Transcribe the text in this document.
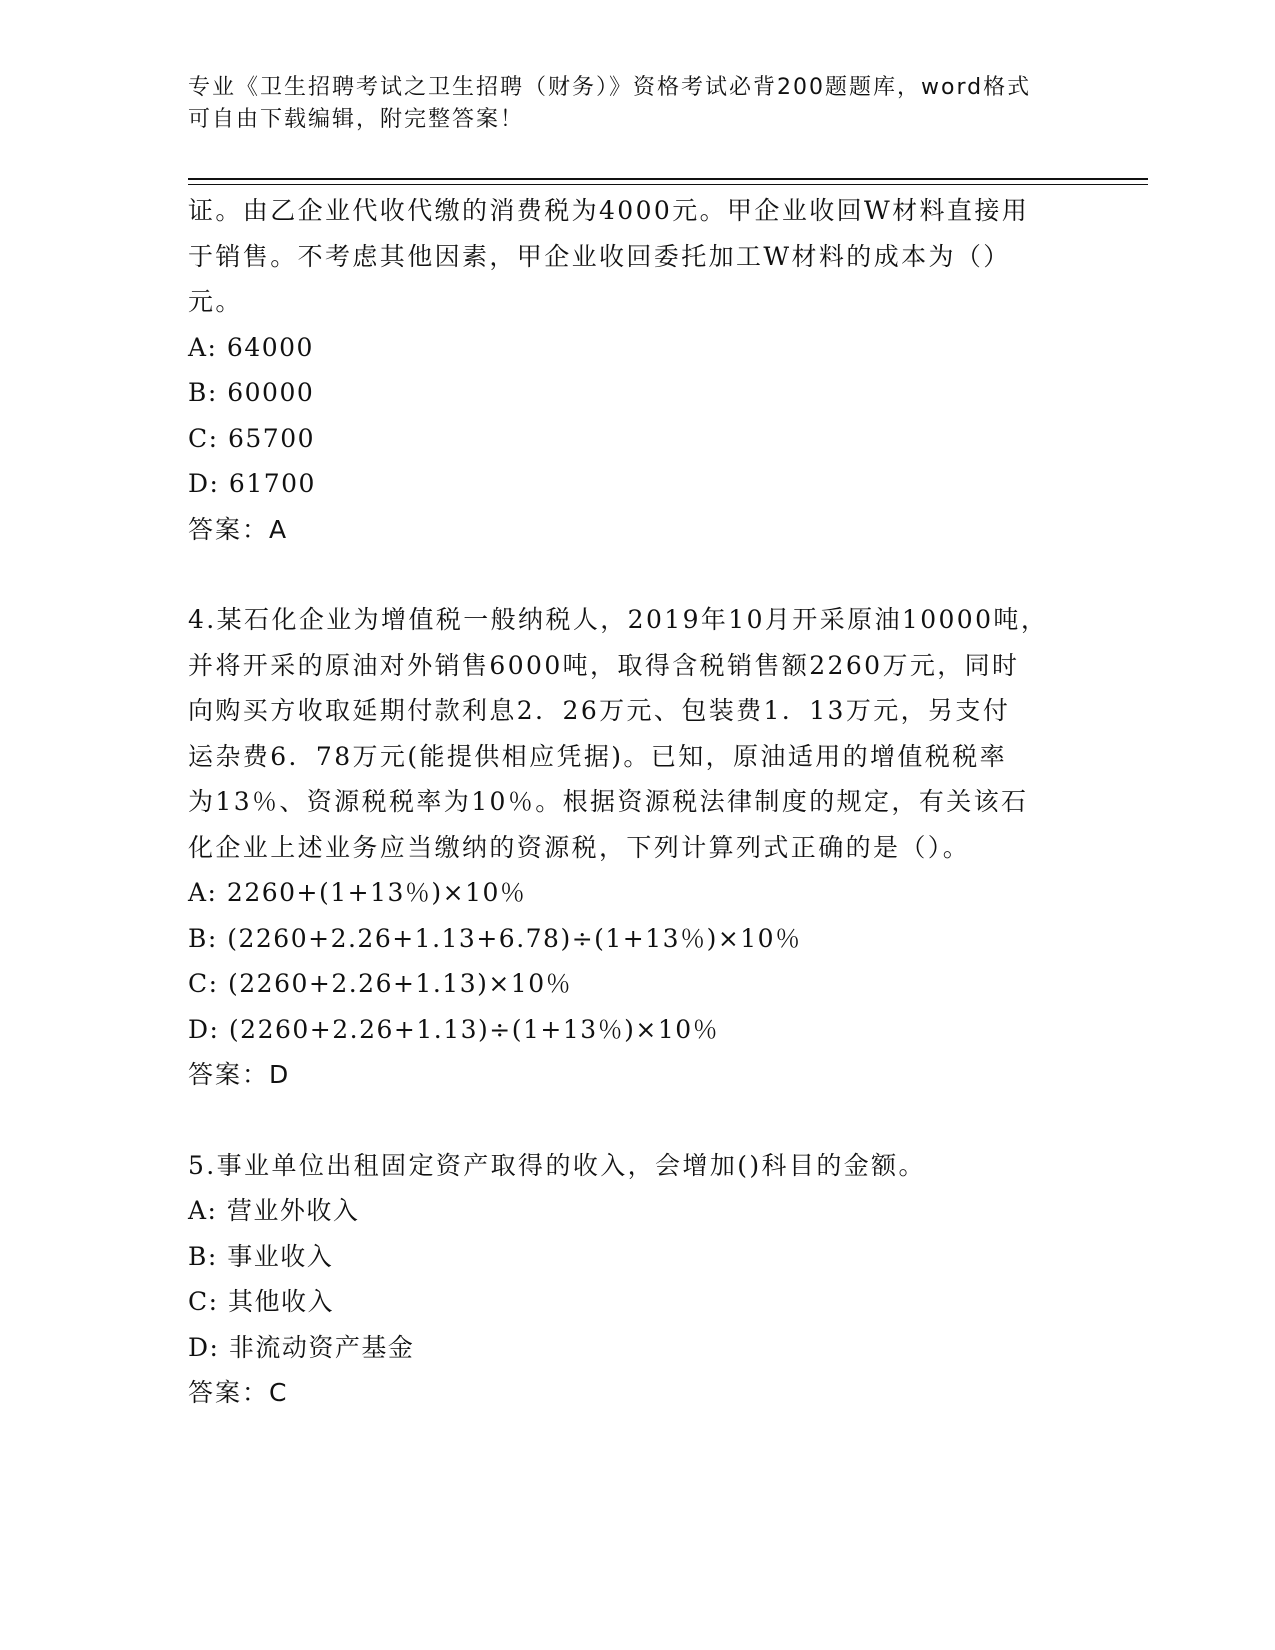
专业《卫生招聘考试之卫生招聘（财务）》资格考试必背200题题库，word格式
可自由下载编辑，附完整答案！

证。由乙企业代收代缴的消费税为4000元。甲企业收回W材料直接用

于销售。不考虑其他因素，甲企业收回委托加工W材料的成本为（）

元。

A: 64000

B: 60000

C: 65700

D: 61700

答案：A

4.某石化企业为增值税一般纳税人，2019年10月开采原油10000吨，

并将开采的原油对外销售6000吨，取得含税销售额2260万元，同时

向购买方收取延期付款利息2．26万元、包装费1．13万元，另支付

运杂费6．78万元(能提供相应凭据)。已知，原油适用的增值税税率

为13％、资源税税率为10％。根据资源税法律制度的规定，有关该石

化企业上述业务应当缴纳的资源税，下列计算列式正确的是（）。

A: 2260+(1+13％)×10％

B: (2260+2.26+1.13+6.78)÷(1+13％)×10％

C: (2260+2.26+1.13)×10％

D: (2260+2.26+1.13)÷(1+13％)×10％

答案：D

5.事业单位出租固定资产取得的收入，会增加()科目的金额。

A: 营业外收入

B: 事业收入

C: 其他收入

D: 非流动资产基金

答案：C
